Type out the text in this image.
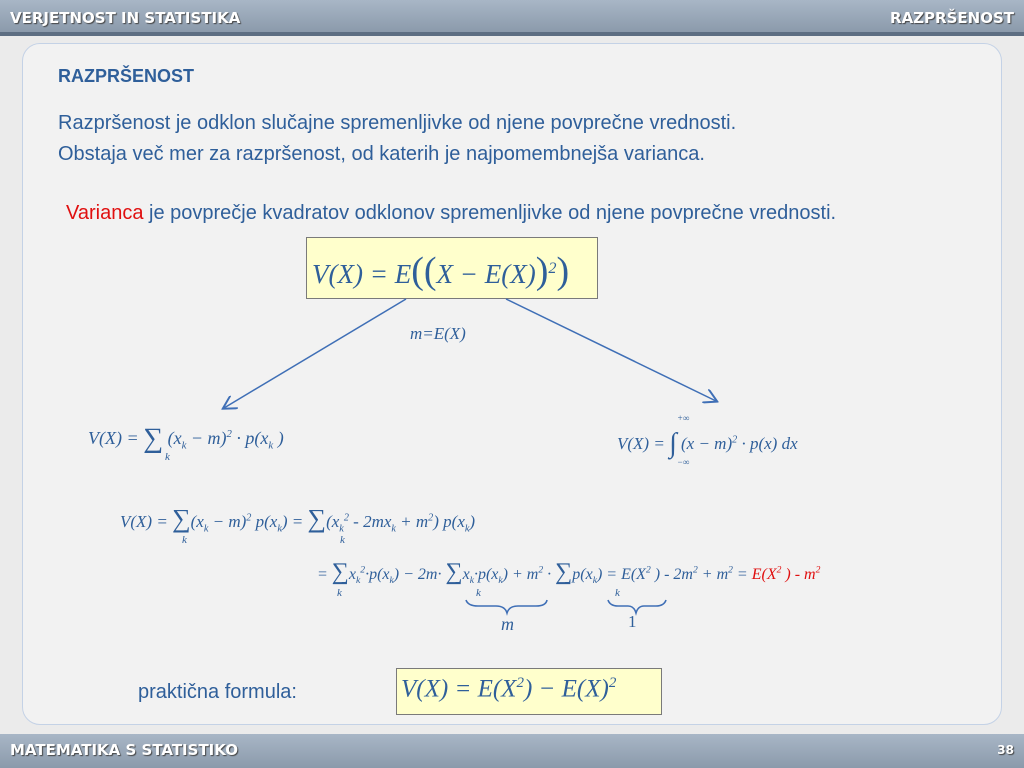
VERJETNOST IN STATISTIKA	RAZPRŠENOST
RAZPRŠENOST
Razpršenost je odklon slučajne spremenljivke od njene povprečne vrednosti.
Obstaja več mer za razpršenost, od katerih je najpomembnejša varianca.
Varianca je povprečje kvadratov odklonov spremenljivke od njene povprečne vrednosti.
$V(X) = E((X - E(X))^2)$
m=E(X)
V(X) = ∑
k
$(x_k - m)^2 \cdot p(x_k$ )	V(X) = ∫
+∞
−∞
$(x - m)^2 \cdot p(x)$ dx
$V(X) = \sum(x_k - m)^2$ $p(x_k) = \sum(x_k^2 - 2mx_k + m^2)$ $p(x_k)$
k	k
= $\sum x_k^2\cdot p(x_k) - 2m\cdot \sum x_k\cdot p(x_k) + m^2 \cdot \sum p(x_k) = E(X^2$ ) - $2m^2 + m^2 = E(X^2$ ) - $m^2$
k	k	k
m	1
praktična formula:	$V(X) = E(X^2) - E(X)^2$
MATEMATIKA S STATISTIKO	38
